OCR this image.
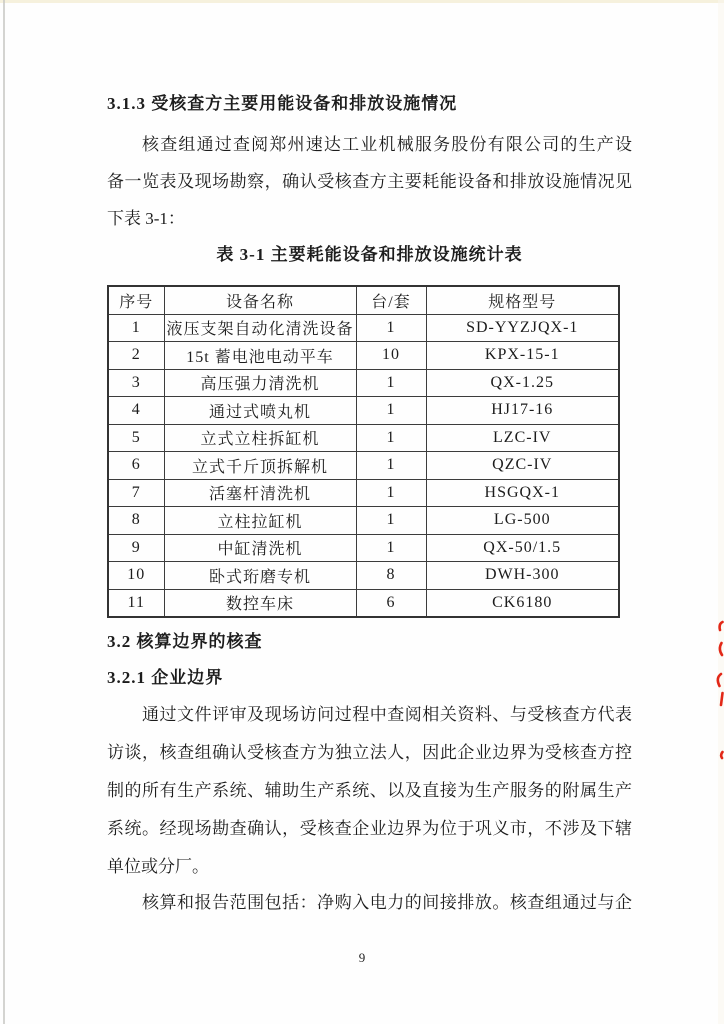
3.1.3 受核查方主要用能设备和排放设施情况
核查组通过查阅郑州速达工业机械服务股份有限公司的生产设
备一览表及现场勘察，确认受核查方主要耗能设备和排放设施情况见
下表 3-1：
表 3-1 主要耗能设备和排放设施统计表
序号	设备名称	台/套	规格型号
1	液压支架自动化清洗设备	1	SD-YYZJQX-1
2	15t 蓄电池电动平车	10	KPX-15-1
3	高压强力清洗机	1	QX-1.25
4	通过式喷丸机	1	HJ17-16
5	立式立柱拆缸机	1	LZC-IV
6	立式千斤顶拆解机	1	QZC-IV
7	活塞杆清洗机	1	HSGQX-1
8	立柱拉缸机	1	LG-500
9	中缸清洗机	1	QX-50/1.5
10	卧式珩磨专机	8	DWH-300
11	数控车床	6	CK6180
3.2 核算边界的核查
3.2.1 企业边界
通过文件评审及现场访问过程中查阅相关资料、与受核查方代表
访谈，核查组确认受核查方为独立法人，因此企业边界为受核查方控
制的所有生产系统、辅助生产系统、以及直接为生产服务的附属生产
系统。经现场勘查确认，受核查企业边界为位于巩义市，不涉及下辖
单位或分厂。
核算和报告范围包括：净购入电力的间接排放。核查组通过与企
9
